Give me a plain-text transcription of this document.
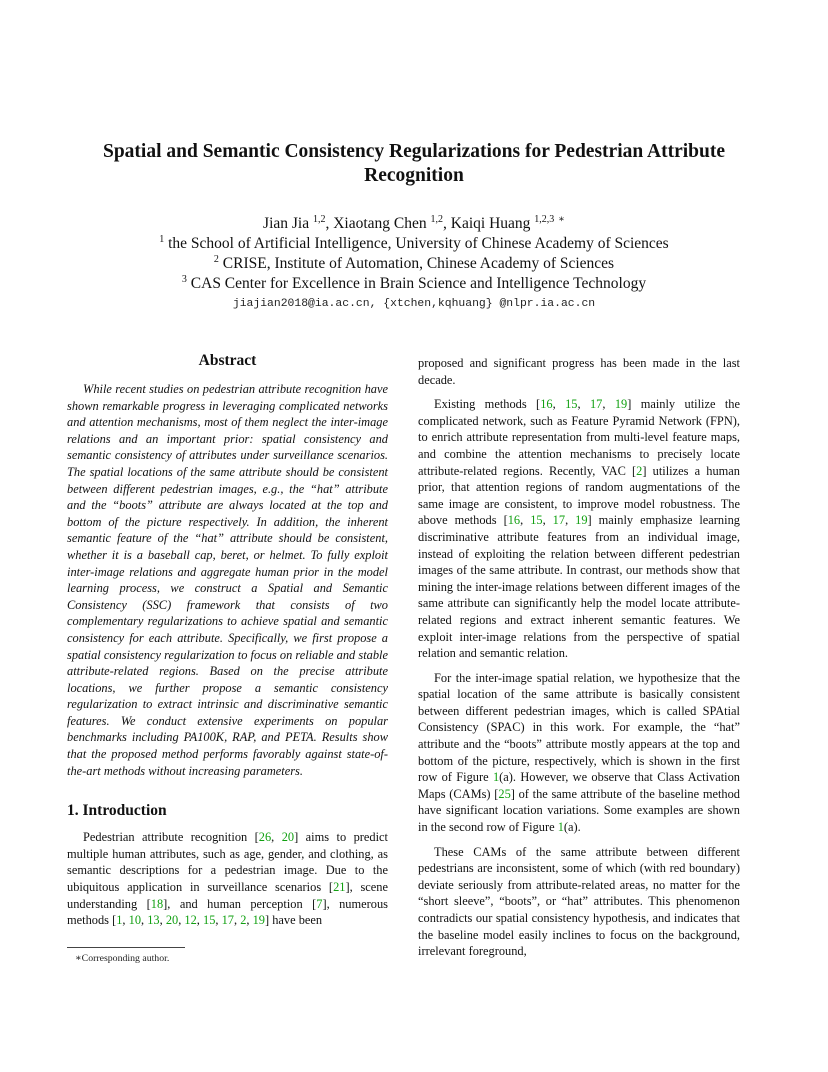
Spatial and Semantic Consistency Regularizations for Pedestrian Attribute
Recognition
Jian Jia $^{1,2}$, Xiaotang Chen $^{1,2}$, Kaiqi Huang $^{1,2,3}$ ∗
$^1$ the School of Artificial Intelligence, University of Chinese Academy of Sciences
$^2$ CRISE, Institute of Automation, Chinese Academy of Sciences
$^3$ CAS Center for Excellence in Brain Science and Intelligence Technology
jiajian2018@ia.ac.cn, {xtchen,kqhuang} @nlpr.ia.ac.cn
Abstract

While recent studies on pedestrian attribute recognition have shown remarkable progress in leveraging complicated networks and attention mechanisms, most of them neglect the inter-image relations and an important prior: spatial consistency and semantic consistency of attributes under surveillance scenarios. The spatial locations of the same attribute should be consistent between different pedestrian images, e.g., the “hat” attribute and the “boots” attribute are always located at the top and bottom of the picture respectively. In addition, the inherent semantic feature of the “hat” attribute should be consistent, whether it is a baseball cap, beret, or helmet. To fully exploit inter-image relations and aggregate human prior in the model learning process, we construct a Spatial and Semantic Consistency (SSC) framework that consists of two complementary regularizations to achieve spatial and semantic consistency for each attribute. Specifically, we first propose a spatial consistency regularization to focus on reliable and stable attribute-related regions. Based on the precise attribute locations, we further propose a semantic consistency regularization to extract intrinsic and discriminative semantic features. We conduct extensive experiments on popular benchmarks including PA100K, RAP, and PETA. Results show that the proposed method performs favorably against state-of-the-art methods without increasing parameters.

1. Introduction

Pedestrian attribute recognition [26, 20] aims to predict multiple human attributes, such as age, gender, and clothing, as semantic descriptions for a pedestrian image. Due to the ubiquitous application in surveillance scenarios [21], scene understanding [18], and human perception [7], numerous methods [1, 10, 13, 20, 12, 15, 17, 2, 19] have been

proposed and significant progress has been made in the last decade.

Existing methods [16, 15, 17, 19] mainly utilize the complicated network, such as Feature Pyramid Network (FPN), to enrich attribute representation from multi-level feature maps, and combine the attention mechanisms to precisely locate attribute-related regions. Recently, VAC [2] utilizes a human prior, that attention regions of random augmentations of the same image are consistent, to improve model robustness. The above methods [16, 15, 17, 19] mainly emphasize learning discriminative attribute features from an individual image, instead of exploiting the relation between different pedestrian images of the same attribute. In contrast, our methods show that mining the inter-image relations between different images of the same attribute can significantly help the model locate attribute-related regions and extract inherent semantic features. We exploit inter-image relations from the perspective of spatial relation and semantic relation.

For the inter-image spatial relation, we hypothesize that the spatial location of the same attribute is basically consistent between different pedestrian images, which is called SPAtial Consistency (SPAC) in this work. For example, the “hat” attribute and the “boots” attribute mostly appears at the top and bottom of the picture, respectively, which is shown in the first row of Figure 1(a). However, we observe that Class Activation Maps (CAMs) [25] of the same attribute of the baseline method have significant location variations. Some examples are shown in the second row of Figure 1(a).

These CAMs of the same attribute between different pedestrians are inconsistent, some of which (with red boundary) deviate seriously from attribute-related areas, no matter for the “short sleeve”, “boots”, or “hat” attributes. This phenomenon contradicts our spatial consistency hypothesis, and indicates that the baseline model easily inclines to focus on the background, irrelevant foreground,

∗Corresponding author.
